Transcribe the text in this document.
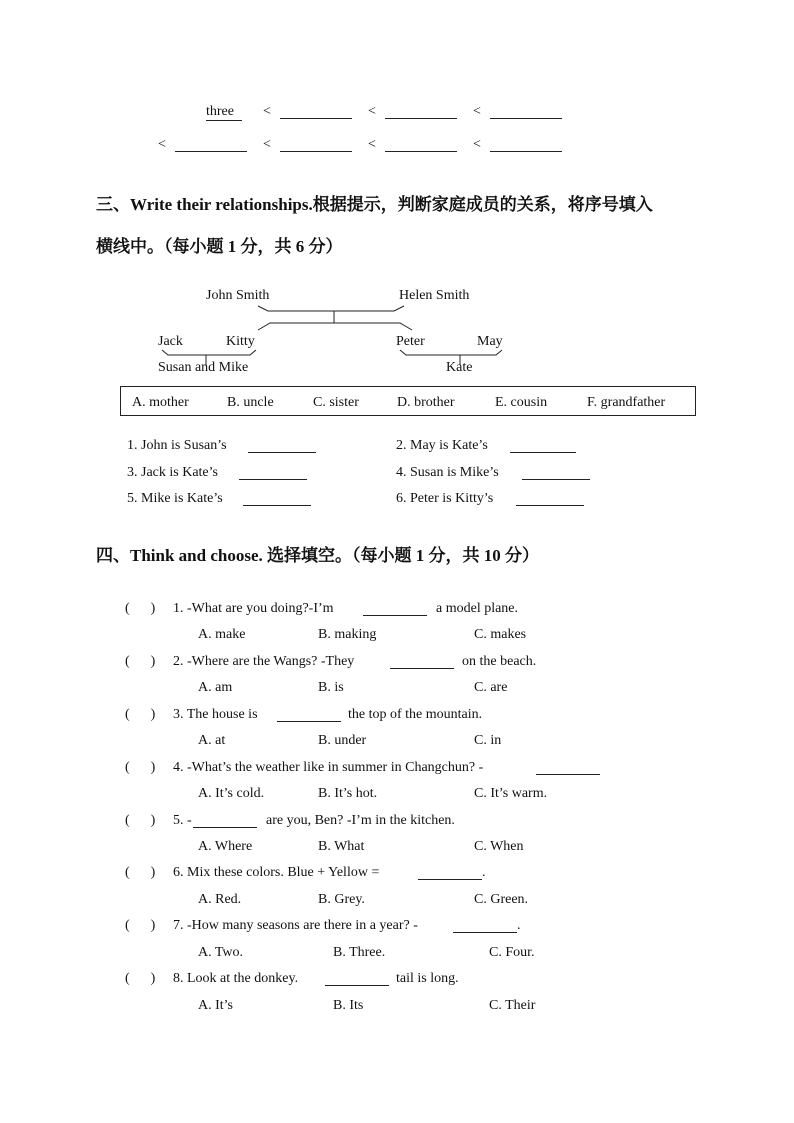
three	<	<	<
<	<	<	<
三、Write their relationships.根据提示，判断家庭成员的关系，将序号填入
横线中。（每小题 1 分，共 6 分）
John Smith	Helen Smith
Jack	Kitty	Peter	May
Susan and Mike	Kate
A. mother	B. uncle	C. sister	D. brother	E. cousin	F. grandfather
1. John is Susan’s	2. May is Kate’s
3. Jack is Kate’s	4. Susan is Mike’s
5. Mike is Kate’s	6. Peter is Kitty’s
四、Think and choose. 选择填空。（每小题 1 分，共 10 分）
(      ) 1. -What are you doing?-I’m	a model plane.
A. make	B. making	C. makes
(      ) 2. -Where are the Wangs? -They	on the beach.
A. am	B. is	C. are
(      ) 3. The house is	the top of the mountain.
A. at	B. under	C. in
(      ) 4. -What’s the weather like in summer in Changchun? -
A. It’s cold.	B. It’s hot.	C. It’s warm.
(      ) 5. -	are you, Ben? -I’m in the kitchen.
A. Where	B. What	C. When
(      ) 6. Mix these colors. Blue + Yellow =	.
A. Red.	B. Grey.	C. Green.
(      ) 7. -How many seasons are there in a year? -	.
A. Two.	B. Three.	C. Four.
(      ) 8. Look at the donkey.	tail is long.
A. It’s	B. Its	C. Their
